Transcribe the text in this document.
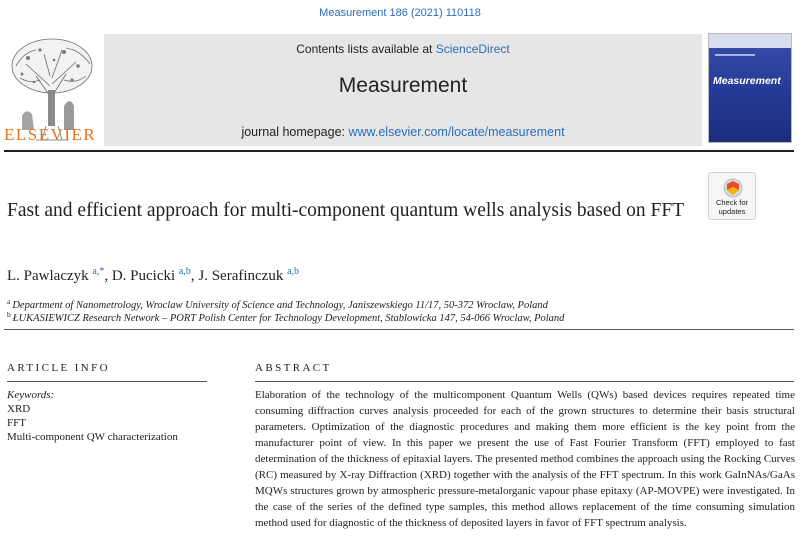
Measurement 186 (2021) 110118
ELSEVIER
Contents lists available at ScienceDirect
Measurement
journal homepage: www.elsevier.com/locate/measurement
Measurement
Fast and efficient approach for multi-component quantum wells analysis based on FFT	Check for
updates
L. Pawlaczyk $^{a,*}$, D. Pucicki $^{a,b}$, J. Serafinczuk $^{a,b}$
$^a$ Department of Nanometrology, Wroclaw University of Science and Technology, Janiszewskiego 11/17, 50-372 Wroclaw, Poland
$^b$ ŁUKASIEWICZ Research Network – PORT Polish Center for Technology Development, Stablowicka 147, 54-066 Wroclaw, Poland
ARTICLE INFO	ABSTRACT
Keywords:
XRD
FFT
Multi-component QW characterization
Elaboration of the technology of the multicomponent Quantum Wells (QWs) based devices requires repeated time consuming diffraction curves analysis proceeded for each of the grown structures to determine their basis structural parameters. Optimization of the diagnostic procedures and making them more efficient is the key point from the manufacturer point of view. In this paper we present the use of Fast Fourier Transform (FFT) employed to fast determination of the thickness of epitaxial layers. The presented method combines the approach using the Rocking Curves (RC) measured by X-ray Diffraction (XRD) together with the analysis of the FFT spectrum. In this work GaInNAs/GaAs MQWs structures grown by atmospheric pressure-metalorganic vapour phase epitaxy (AP-MOVPE) were investigated. In the case of the series of the defined type samples, this method allows replacement of the time consuming simulation method used for diagnostic of the thickness of deposited layers in favor of FFT spectrum analysis.
